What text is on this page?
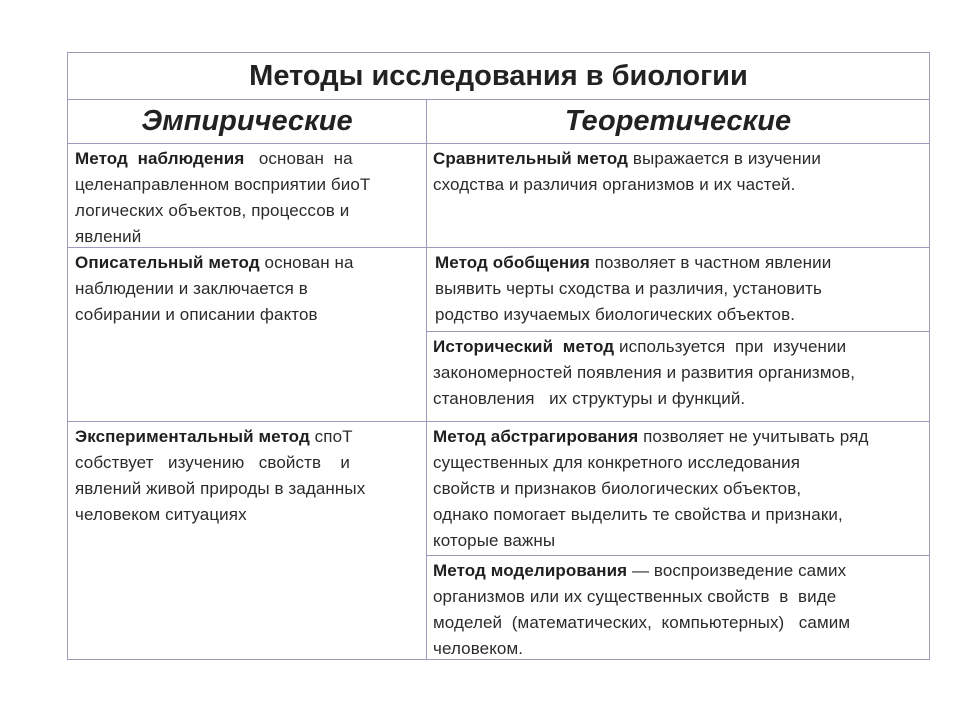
Методы исследования в биологии
Эмпирические	Теоретические
Метод  наблюдения   основан  на
целенаправленном восприятии биоТ
логических объектов, процессов и
явлений
Описательный метод основан на
наблюдении и заключается в
собирании и описании фактов
Экспериментальный метод споТ
собствует   изучению   свойств    и
явлений живой природы в заданных
человеком ситуациях
Сравнительный метод выражается в изучении
сходства и различия организмов и их частей.
Метод обобщения позволяет в частном явлении
выявить черты сходства и различия, установить
родство изучаемых биологических объектов.
Исторический  метод используется  при  изучении
закономерностей появления и развития организмов,
становления   их структуры и функций.
Метод абстрагирования позволяет не учитывать ряд
существенных для конкретного исследования
свойств и признаков биологических объектов,
однако помогает выделить те свойства и признаки,
которые важны
Метод моделирования — воспроизведение самих
организмов или их существенных свойств  в  виде
моделей  (математических,  компьютерных)   самим
человеком.
